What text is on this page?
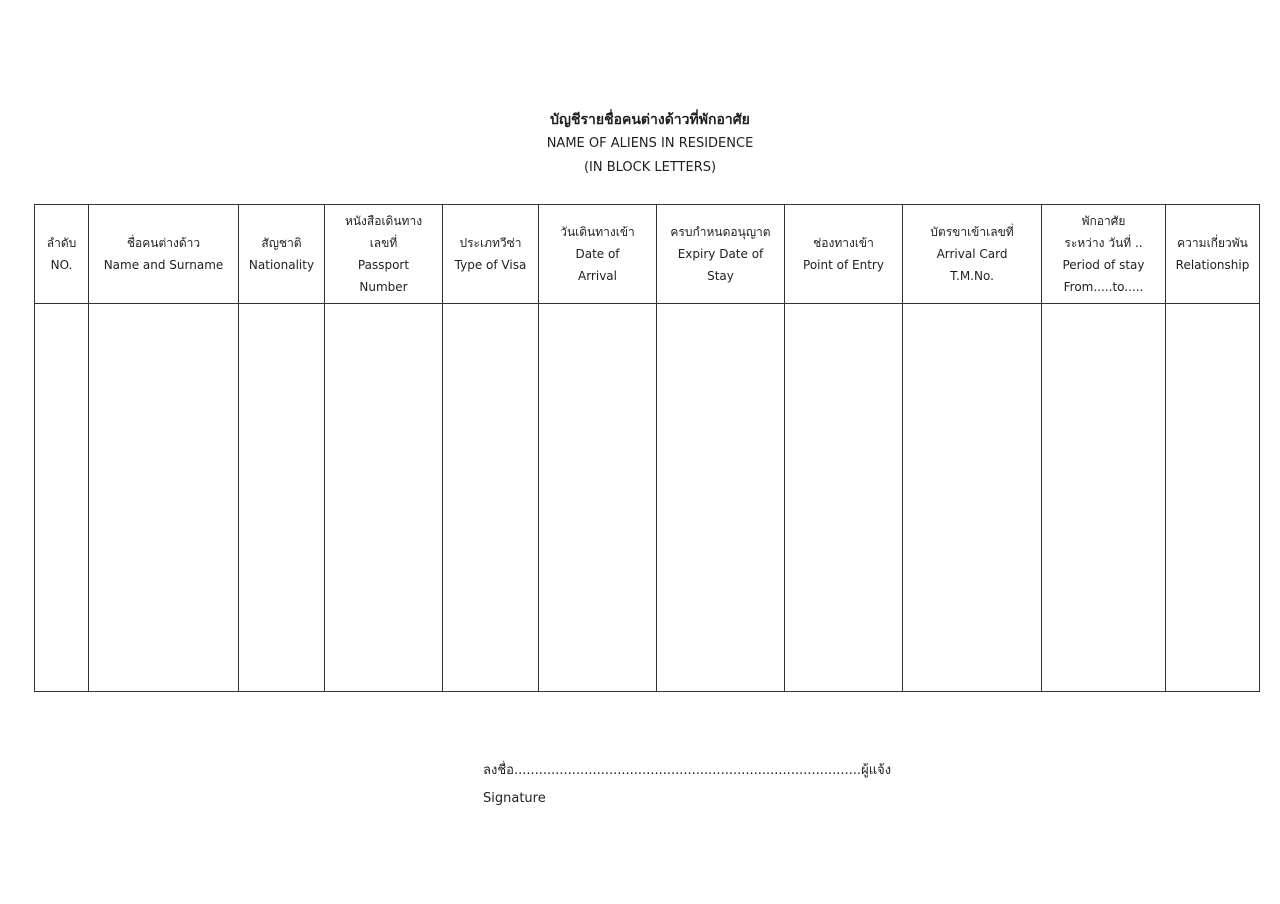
บัญชีรายชื่อคนต่างด้าวที่พักอาศัย
NAME OF ALIENS IN RESIDENCE
(IN BLOCK LETTERS)
ลำดับ
NO.	ชื่อคนต่างด้าว
Name and Surname	สัญชาติ
Nationality	หนังสือเดินทาง
เลขที่
Passport
Number	ประเภทวีซ่า
Type of Visa	วันเดินทางเข้า
Date of
Arrival	ครบกำหนดอนุญาต
Expiry Date of
Stay	ช่องทางเข้า
Point of Entry	บัตรขาเข้าเลขที่
Arrival Card
T.M.No.	พักอาศัย
ระหว่าง วันที่ ..
Period of stay
From.....to.....	ความเกี่ยวพัน
Relationship

ลงชื่อ....................................................................................ผู้แจ้ง
Signature
